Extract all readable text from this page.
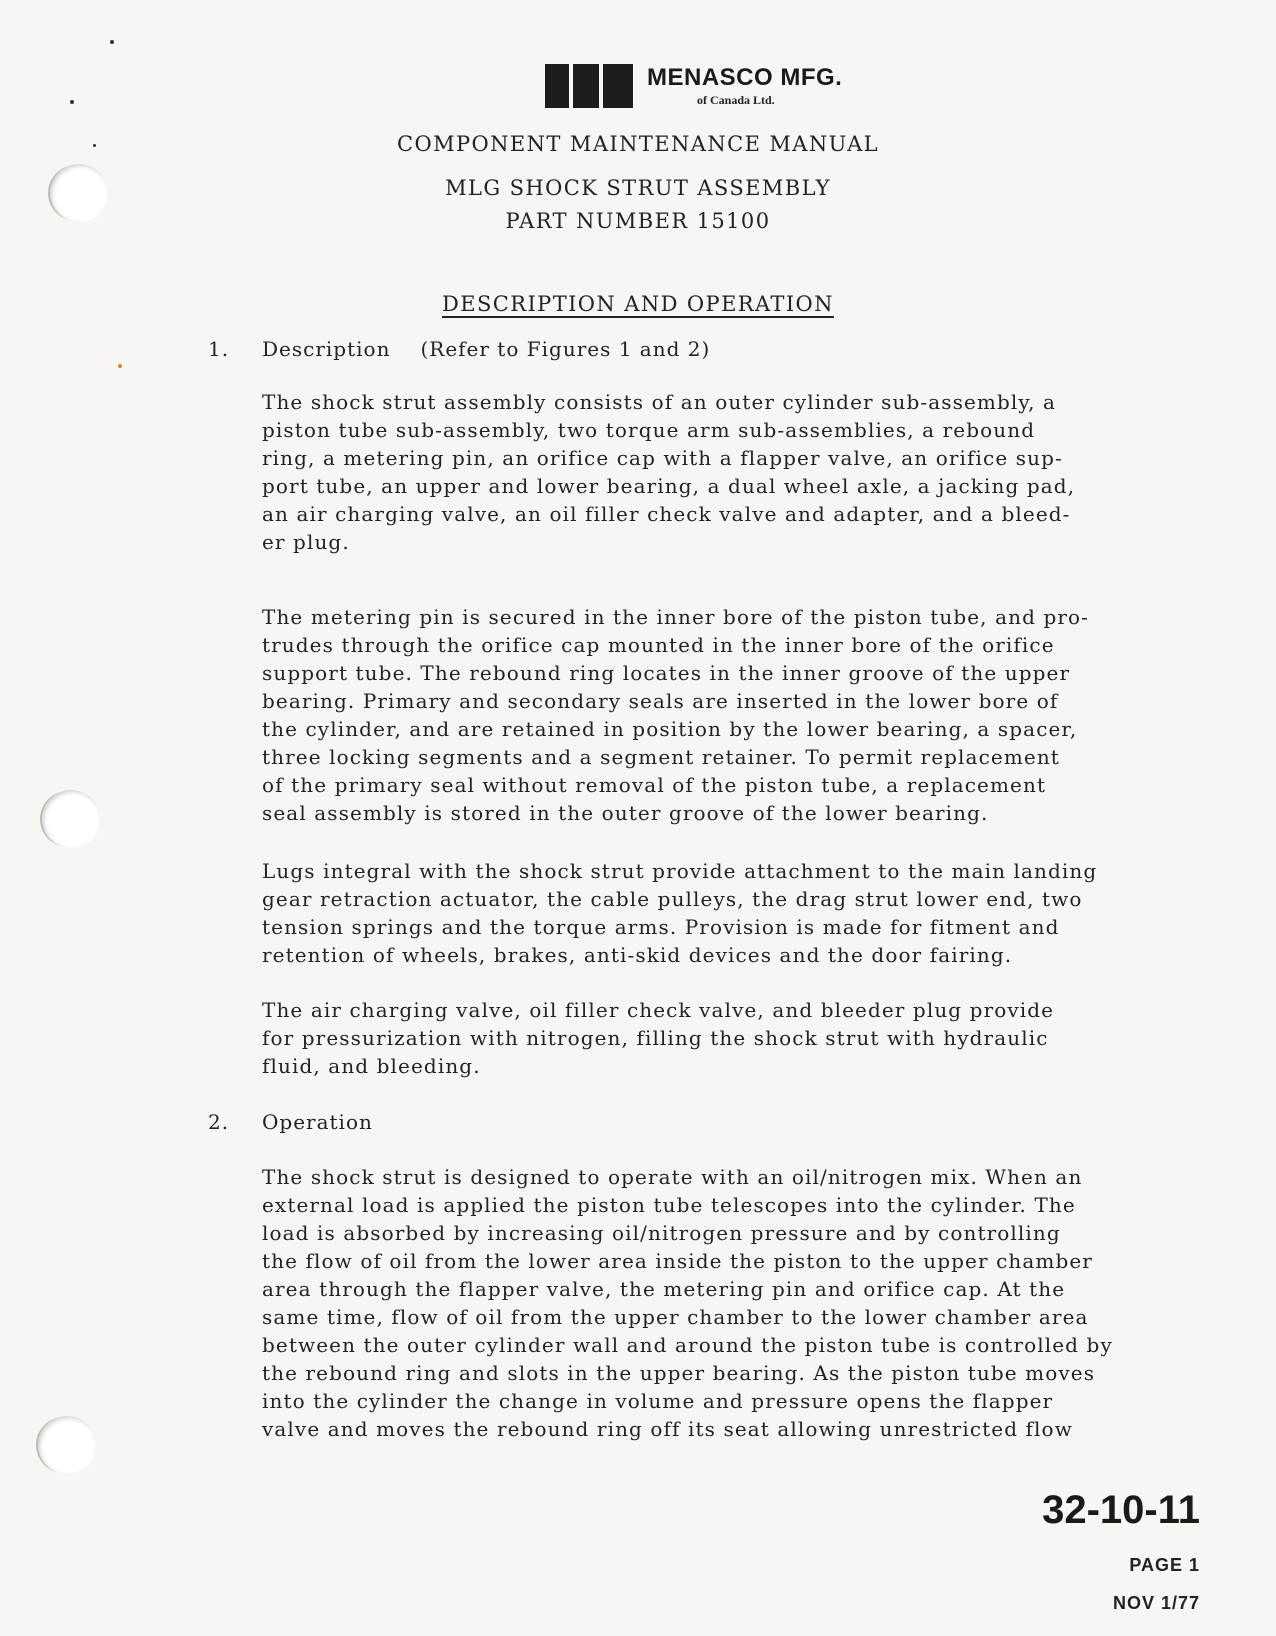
MENASCO MFG.
of Canada Ltd.
COMPONENT MAINTENANCE MANUAL
MLG SHOCK STRUT ASSEMBLY
PART NUMBER 15100
DESCRIPTION AND OPERATION
1. Description (Refer to Figures 1 and 2)

The shock strut assembly consists of an outer cylinder sub-assembly, a
piston tube sub-assembly, two torque arm sub-assemblies, a rebound
ring, a metering pin, an orifice cap with a flapper valve, an orifice sup-
port tube, an upper and lower bearing, a dual wheel axle, a jacking pad,
an air charging valve, an oil filler check valve and adapter, and a bleed-
er plug.

The metering pin is secured in the inner bore of the piston tube, and pro-
trudes through the orifice cap mounted in the inner bore of the orifice
support tube. The rebound ring locates in the inner groove of the upper
bearing. Primary and secondary seals are inserted in the lower bore of
the cylinder, and are retained in position by the lower bearing, a spacer,
three locking segments and a segment retainer. To permit replacement
of the primary seal without removal of the piston tube, a replacement
seal assembly is stored in the outer groove of the lower bearing.

Lugs integral with the shock strut provide attachment to the main landing
gear retraction actuator, the cable pulleys, the drag strut lower end, two
tension springs and the torque arms. Provision is made for fitment and
retention of wheels, brakes, anti-skid devices and the door fairing.

The air charging valve, oil filler check valve, and bleeder plug provide
for pressurization with nitrogen, filling the shock strut with hydraulic
fluid, and bleeding.

2. Operation

The shock strut is designed to operate with an oil/nitrogen mix. When an
external load is applied the piston tube telescopes into the cylinder. The
load is absorbed by increasing oil/nitrogen pressure and by controlling
the flow of oil from the lower area inside the piston to the upper chamber
area through the flapper valve, the metering pin and orifice cap. At the
same time, flow of oil from the upper chamber to the lower chamber area
between the outer cylinder wall and around the piston tube is controlled by
the rebound ring and slots in the upper bearing. As the piston tube moves
into the cylinder the change in volume and pressure opens the flapper
valve and moves the rebound ring off its seat allowing unrestricted flow

32-10-11
PAGE 1
NOV 1/77
